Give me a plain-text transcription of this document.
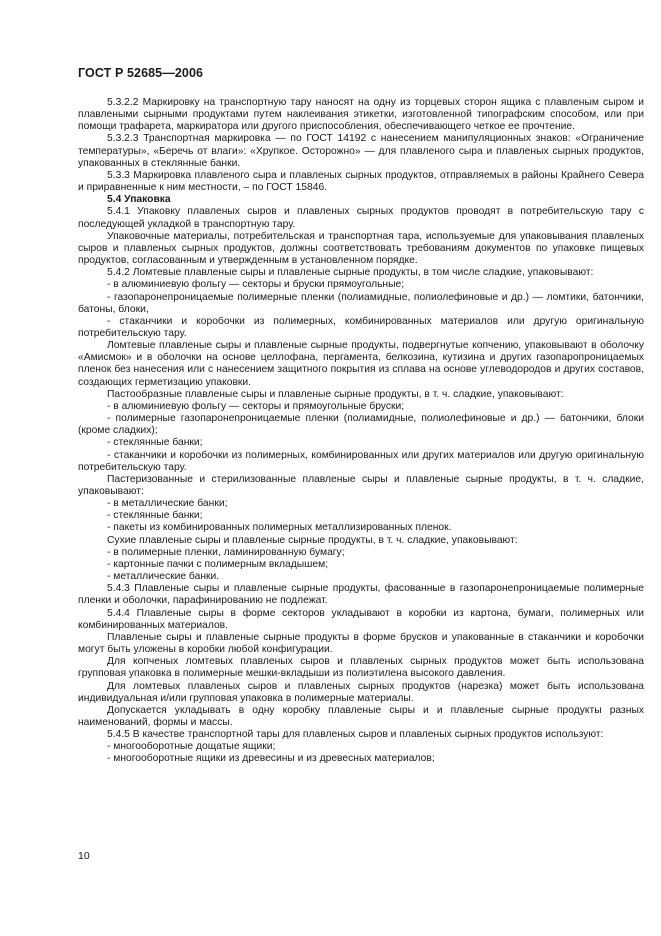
ГОСТ Р 52685—2006

5.3.2.2 Маркировку на транспортную тару наносят на одну из торцевых сторон ящика с плавленым сыром и плавлеными сырными продуктами путем наклеивания этикетки, изготовленной типографским способом, или при помощи трафарета, маркиратора или другого приспособления, обеспечивающего четкое ее прочтение.

5.3.2.3 Транспортная маркировка — по ГОСТ 14192 с нанесением манипуляционных знаков: «Ограничение температуры», «Беречь от влаги»: «Хрупкое. Осторожно» — для плавленого сыра и плавленых сырных продуктов, упакованных в стеклянные банки.

5.3.3 Маркировка плавленого сыра и плавленых сырных продуктов, отправляемых в районы Крайнего Севера и приравненные к ним местности, – по ГОСТ 15846.

5.4 Упаковка

5.4.1 Упаковку плавленых сыров и плавленых сырных продуктов проводят в потребительскую тару с последующей укладкой в транспортную тару.

Упаковочные материалы, потребительская и транспортная тара, используемые для упаковывания плавленых сыров и плавленых сырных продуктов, должны соответствовать требованиям документов по упаковке пищевых продуктов, согласованным и утвержденным в установленном порядке.

5.4.2 Ломтевые плавленые сыры и плавленые сырные продукты, в том числе сладкие, упаковывают:

- в алюминиевую фольгу — секторы и бруски прямоугольные;

- газопаронепроницаемые полимерные пленки (полиамидные, полиолефиновые и др.) — ломтики, батончики, батоны, блоки,

- стаканчики и коробочки из полимерных, комбинированных материалов или другую оригинальную потребительскую тару.

Ломтевые плавленые сыры и плавленые сырные продукты, подвергнутые копчению, упаковывают в оболочку «Амисмок» и в оболочки на основе целлофана, пергамента, белкозина, кутизина и других газопаропроницаемых пленок без нанесения или с нанесением защитного покрытия из сплава на основе углеводородов и других составов, создающих герметизацию упаковки.

Пастообразные плавленые сыры и плавленые сырные продукты, в т. ч. сладкие, упаковывают:

- в алюминиевую фольгу — секторы и прямоугольные бруски;

- полимерные газопаронепроницаемые пленки (полиамидные, полиолефиновые и др.) — батончики, блоки (кроме сладких);

- стеклянные банки;

- стаканчики и коробочки из полимерных, комбинированных или других материалов или другую оригинальную потребительскую тару.

Пастеризованные и стерилизованные плавленые сыры и плавленые сырные продукты, в т. ч. сладкие, упаковывают:

- в металлические банки;

- стеклянные банки;

- пакеты из комбинированных полимерных металлизированных пленок.

Сухие плавленые сыры и плавленые сырные продукты, в т. ч. сладкие, упаковывают:

- в полимерные пленки, ламинированную бумагу;

- картонные пачки с полимерным вкладышем;

- металлические банки.

5.4.3 Плавленые сыры и плавленые сырные продукты, фасованные в газопаронепроницаемые полимерные пленки и оболочки, парафинированию не подлежат.

5.4.4 Плавленые сыры в форме секторов укладывают в коробки из картона, бумаги, полимерных или комбинированных материалов.

Плавленые сыры и плавленые сырные продукты в форме брусков и упакованные в стаканчики и коробочки могут быть уложены в коробки любой конфигурации.

Для копченых ломтевых плавленых сыров и плавленых сырных продуктов может быть использована групповая упаковка в полимерные мешки-вкладыши из полиэтилена высокого давления.

Для ломтевых плавленых сыров и плавленых сырных продуктов (нарезка) может быть использована индивидуальная и/или групповая упаковка в полимерные материалы.

Допускается укладывать в одну коробку плавленые сыры и и плавленые сырные продукты разных наименований, формы и массы.

5.4.5 В качестве транспортной тары для плавленых сыров и плавленых сырных продуктов используют:

- многооборотные дощатые ящики;

- многооборотные ящики из древесины и из древесных материалов;

10
